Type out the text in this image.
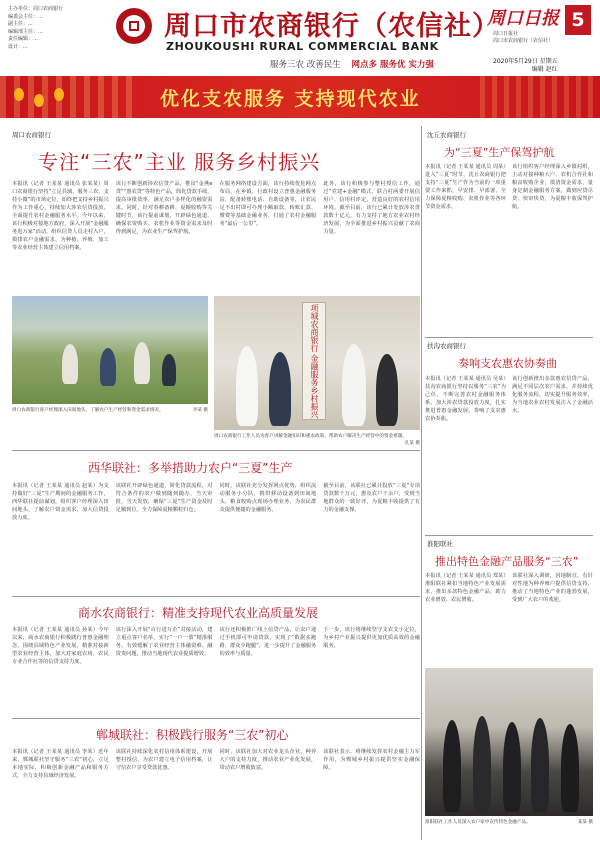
主办单位：周口农商银行
编委会主任：...
副主任：...
编辑部主任：...
责任编辑：...
设计：...
周口市农商银行（农信社）
ZHOUKOUSHI RURAL COMMERCIAL BANK
周口日报 5
周口日报社
周口市农商银行（农信社）
服务三农 改善民生 网点多 服务优 实力强	2020年5月29日 星期五
编辑 赵红
优化支农服务 支持现代农业
周口农商银行
专注“三农”主业 服务乡村振兴
本报讯（记者 王某某 通讯员 张某某）周口农商银行坚持“立足县域、服务三农、支持小微”的市场定位，始终把支持乡村振兴作为工作重心，持续加大涉农信贷投放，全面提升农村金融服务水平。今年以来，该行积极对接地方政府，深入开展“金融服务进万家”活动，组织信贷人员走村入户，摸排农户金融需求，为种植、养殖、加工等农业经营主体建立信用档案。
该行不断创新涉农信贷产品，推出“金燕e贷”“惠农贷”等特色产品，简化贷款手续，提高审批效率，满足农户多样化的融资需求。同时，针对春耕备耕、夏粮收购等关键时节，该行提前谋划，开辟绿色通道，确保农资购买、农机作业等资金需求及时得到满足，为农业生产保驾护航。
在服务网络建设方面，该行持续优化网点布局，在乡镇、行政村设立普惠金融服务站，配备转账电话、自助设备等，让农民足不出村即可办理小额取款、转账汇款、缴费等基础金融业务，打通了农村金融服务“最后一公里”。
此外，该行积极参与整村授信工作，通过“党建+金融”模式，联合村两委开展信用户、信用村评定，营造良好的农村信用环境。截至目前，该行已累计发放涉农贷款数十亿元，有力支持了地方农业农村经济发展，为全面推进乡村振兴贡献了农商力量。
周口农商银行客户经理深入田间地头，了解农户生产经营和资金需求情况。	李某 摄	项城农商银行 金融服务乡村振兴
周口农商银行工作人员为客户讲解金融知识和惠农政策，帮助农户解决生产经营中的资金难题。
孔某 摄
西华联社：多举措助力农户“三夏”生产
本报讯（记者 王某某 通讯员 赵某）为支持做好“三夏”生产期间的金融服务工作，西华联社提前谋划，组织客户经理深入田间地头，了解农户资金需求，加大信贷投放力度。
该联社开辟绿色通道，简化贷款流程，对符合条件的农户做到随到随办、当天审批、当天发放，确保“三夏”生产资金及时足额到位，全力保障夏粮颗粒归仓。
同时，该联社充分发挥网点优势，组织流动服务小分队，携带移动设备到田间地头、粮食收购点现场办理业务，为农民群众提供便捷的金融服务。
截至目前，该联社已累计投放“三夏”专项贷款数千万元，惠及农户千余户，受到当地群众的一致好评，为夏粮丰收提供了有力的金融支撑。
商水农商银行：精准支持现代农业高质量发展
本报讯（记者 王某某 通讯员 孙某）今年以来，商水农商银行积极践行普惠金融理念，围绕县域特色产业发展，精准对接新型农业经营主体，加大对家庭农场、农民专业合作社等的信贷支持力度。
该行深入开展“百行进万企”对接活动，建立重点客户名单，实行“一户一策”精准服务，有效缓解了农业经营主体融资难、融资贵问题，推动当地现代农业提质增效。
该行还积极推广线上信贷产品，让农户通过手机即可申请贷款，实现了“数据多跑路、群众少跑腿”，进一步提升了金融服务的效率与质量。
下一步，该行将继续坚守支农支小定位，为乡村产业振兴提供更加优质高效的金融服务。
郸城联社：积极践行服务“三农”初心
本报讯（记者 王某某 通讯员 李某）近年来，郸城联社坚守服务“三农”初心，立足本地实际，积极创新金融产品和服务方式，全力支持县域经济发展。
该联社持续深化农村信用体系建设，开展整村授信，为农户建立电子信用档案，让守信农户享受贷款优惠。
同时，该联社加大对农业龙头企业、种养大户的支持力度，推动农业产业化发展，带动农户增收致富。
该联社表示，将继续发挥农村金融主力军作用，为郸城乡村振兴提供坚实金融保障。
沈丘农商银行
为“三夏”生产保驾护航
本报讯（记者 王某某 通讯员 周某）进入“三夏”时节，沈丘农商银行把支持“三夏”生产作为当前的一项重要工作来抓，早安排、早部署，全力保障夏粮收购、农机作业等各环节资金需求。
该行组织客户经理深入乡镇村组，主动对接种粮大户、农机合作社和粮食收购企业，摸清资金需求，量身定制金融服务方案，做到应贷尽贷、快审快贷，为夏粮丰收保驾护航。
扶沟农商银行
奏响支农惠农协奏曲
本报讯（记者 王某某 通讯员 吴某）扶沟农商银行坚持以服务“三农”为己任，不断完善农村金融服务体系，加大涉农贷款投放力度，扎实推进普惠金融发展，奏响了支农惠农协奏曲。
该行创新推出多款惠农信贷产品，满足不同层次农户需求，并持续优化服务流程，切实提升服务效率，为当地农业农村发展注入了金融活水。
淮阳联社
推出特色金融产品服务“三农”
本报讯（记者 王某某 通讯员 郑某）淮阳联社紧扣当地特色产业发展需求，推出多款特色金融产品，助力农业增效、农民增收。
该联社深入调研，因地制宜，有针对性地为种养殖户提供信贷支持，推动了当地特色产业的蓬勃发展，受到广大农户的欢迎。
淮阳联社工作人员深入农户家中宣传特色金融产品。	某某 摄
